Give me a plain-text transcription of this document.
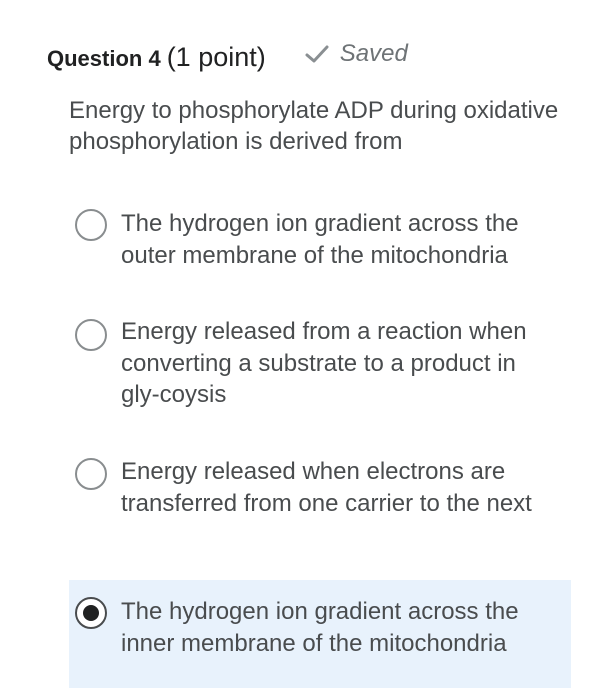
Question 4 (1 point)	Saved
Energy to phosphorylate ADP during oxidative phosphorylation is derived from
The hydrogen ion gradient across the outer membrane of the mitochondria
Energy released from a reaction when converting a substrate to a product in gly-coysis
Energy released when electrons are transferred from one carrier to the next
The hydrogen ion gradient across the inner membrane of the mitochondria
